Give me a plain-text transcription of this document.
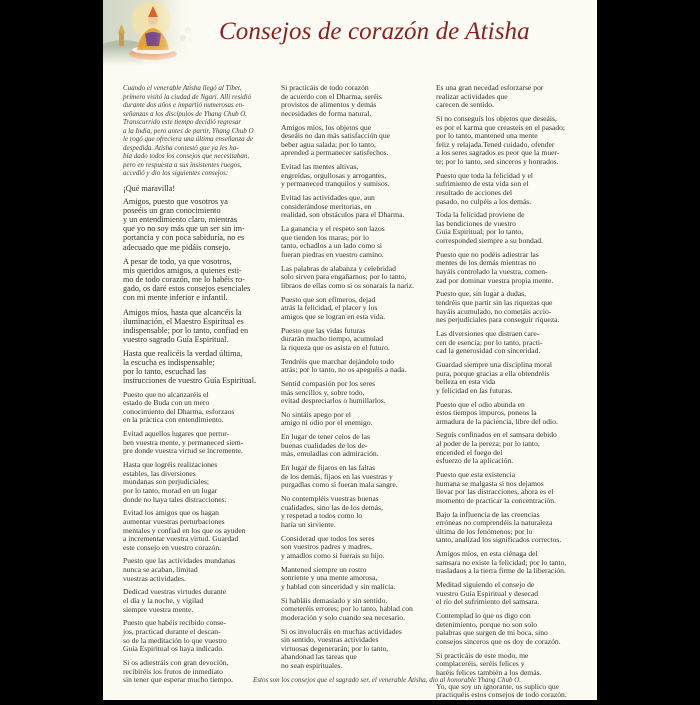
Consejos de corazón de Atisha
Cuando el venerable Atisha llegó al Tíbet,
primero visitó la ciudad de Ngari. Allí residió
durante dos años e impartió numerosas en-
señanzas a los discípulos de Yhang Chub O.
Transcurrido este tiempo decidió regresar
a la India, pero antes de partir, Yhang Chub O
le rogó que ofreciera una última enseñanza de
despedida. Atisha contestó que ya les ha-
bía dado todos los consejos que necesitaban,
pero en respuesta a sus insistentes ruegos,
accedió y dio los siguientes consejos:
¡Qué maravilla!
Amigos, puesto que vosotros ya
poseéis un gran conocimiento
y un entendimiento claro, mientras
que yo no soy más que un ser sin im-
portancia y con poca sabiduría, no es
adecuado que me pidáis consejo.
A pesar de todo, ya que vosotros,
mis queridos amigos, a quienes esti-
mo de todo corazón, me lo habéis ro-
gado, os daré estos consejos esenciales
con mi mente inferior e infantil.
Amigos míos, hasta que alcancéis la
iluminación, el Maestro Espiritual es
indispensable; por lo tanto, confiad en
vuestro sagrado Guía Espiritual.
Hasta que realicéis la verdad última,
la escucha es indispensable;
por lo tanto, escuchad las
instrucciones de vuestro Guía Espiritual.
Puesto que no alcanzaréis el
estado de Buda con un mero
conocimiento del Dharma, esforzaos
en la práctica con entendimiento.
Evitad aquellos lugares que pertur-
ben vuestra mente, y permaneced siem-
pre donde vuestra virtud se incremente.
Hasta que logréis realizaciones
estables, las diversiones
mundanas son perjudiciales;
por lo tanto, morad en un lugar
donde no haya tales distracciones.
Evitad los amigos que os hagan
aumentar vuestras perturbaciones
mentales y confiad en los que os ayuden
a incrementar vuestra virtud. Guardad
este consejo en vuestro corazón.
Puesto que las actividades mundanas
nunca se acaban, limitad
vuestras actividades.
Dedicad vuestras virtudes durante
el día y la noche, y vigilad
siempre vuestra mente.
Puesto que habéis recibido conse-
jos, practicad durante el descan-
so de la meditación lo que vuestro
Guía Espiritual os haya indicado.
Si os adiestráis con gran devoción,
recibiréis los frutos de inmediato
sin tener que esperar mucho tiempo.
Si practicáis de todo corazón
de acuerdo con el Dharma, seréis
provistos de alimentos y demás
necesidades de forma natural.
Amigos míos, los objetos que
deseáis no dan más satisfacción que
beber agua salada; por lo tanto,
aprended a permanecer satisfechos.
Evitad las mentes altivas,
engreídas, orgullosas y arrogantes,
y permaneced tranquilos y sumisos.
Evitad las actividades que, aun
considerándose meritorias, en
realidad, son obstáculos para el Dharma.
La ganancia y el respeto son lazos
que tienden los maras; por lo
tanto, echadlos a un lado como si
fueran piedras en vuestro camino.
Las palabras de alabanza y celebridad
solo sirven para engañarnos; por lo tanto,
libraos de ellas como si os sonarais la nariz.
Puesto que son efímeros, dejad
atrás la felicidad, el placer y los
amigos que se logran en esta vida.
Puesto que las vidas futuras
durarán mucho tiempo, acumulad
la riqueza que os asista en el futuro.
Tendréis que marchar dejándolo todo
atrás; por lo tanto, no os apeguéis a nada.
Sentid compasión por los seres
más sencillos y, sobre todo,
evitad despreciarlos o humillarlos.
No sintáis apego por el
amigo ni odio por el enemigo.
En lugar de tener celos de las
buenas cualidades de los de-
más, emuladlas con admiración.
En lugar de fijaros en las faltas
de los demás, fijaos en las vuestras y
purgadlas como si fueran mala sangre.
No contempléis vuestras buenas
cualidades, sino las de los demás,
y respetad a todos como lo
haría un sirviente.
Considerad que todos los seres
son vuestros padres y madres,
y amadlos como si fuerais su hijo.
Mantened siempre un rostro
sonriente y una mente amorosa,
y hablad con sinceridad y sin malicia.
Si habláis demasiado y sin sentido,
cometeréis errores; por lo tanto, hablad con
moderación y solo cuando sea necesario.
Si os involucráis en muchas actividades
sin sentido, vuestras actividades
virtuosas degenerarán; por lo tanto,
abandonad las tareas que
no sean espirituales.
Es una gran necedad esforzarse por
realizar actividades que
carecen de sentido.
Si no conseguís los objetos que deseáis,
es por el karma que creasteis en el pasado;
por lo tanto, mantened una mente
feliz y relajada.Tened cuidado, ofender
a los seres sagrados es peor que la muer-
te; por lo tanto, sed sinceros y honrados.
Puesto que toda la felicidad y el
sufrimiento de esta vida son el
resultado de acciones del
pasado, no culpéis a los demás.
Toda la felicidad proviene de
las bendiciones de vuestro
Guía Espiritual; por lo tanto,
corresponded siempre a su bondad.
Puesto que no podéis adiestrar las
mentes de los demás mientras no
hayáis controlado la vuestra, comen-
zad por dominar vuestra propia mente.
Puesto que, sin lugar a dudas,
tendréis que partir sin las riquezas que
hayáis acumulado, no cometáis accio-
nes perjudiciales para conseguir riqueza.
Las diversiones que distraen care-
cen de esencia; por lo tanto, practi-
cad la generosidad con sinceridad.
Guardad siempre una disciplina moral
pura, porque gracias a ella obtendréis
belleza en esta vida
y felicidad en las futuras.
Puesto que el odio abunda en
estos tiempos impuros, poneos la
armadura de la paciencia, libre del odio.
Seguís confinados en el samsara debido
al poder de la pereza; por lo tanto,
encended el fuego del
esfuerzo de la aplicación.
Puesto que esta existencia
humana se malgasta si nos dejamos
llevar por las distracciones, ahora es el
momento de practicar la concentración.
Bajo la influencia de las creencias
erróneas no comprendéis la naturaleza
última de los fenómenos; por lo
tanto, analizad los significados correctos.
Amigos míos, en esta ciénaga del
samsara no existe la felicidad; por lo tanto,
trasladaos a la tierra firme de la liberación.
Meditad siguiendo el consejo de
vuestro Guía Espiritual y desecad
el río del sufrimiento del samsara.
Contemplad lo que os digo con
detenimiento, porque no son solo
palabras que surgen de mi boca, sino
consejos sinceros que os doy de corazón.
Si practicáis de este modo, me
complaceréis, seréis felices y
haréis felices también a los demás.
Yo, que soy un ignorante, os suplico que
practiquéis estos consejos de todo corazón.
Estos son los consejos que el sagrado ser, el venerable Atisha, dio al honorable Yhang Chub O.
